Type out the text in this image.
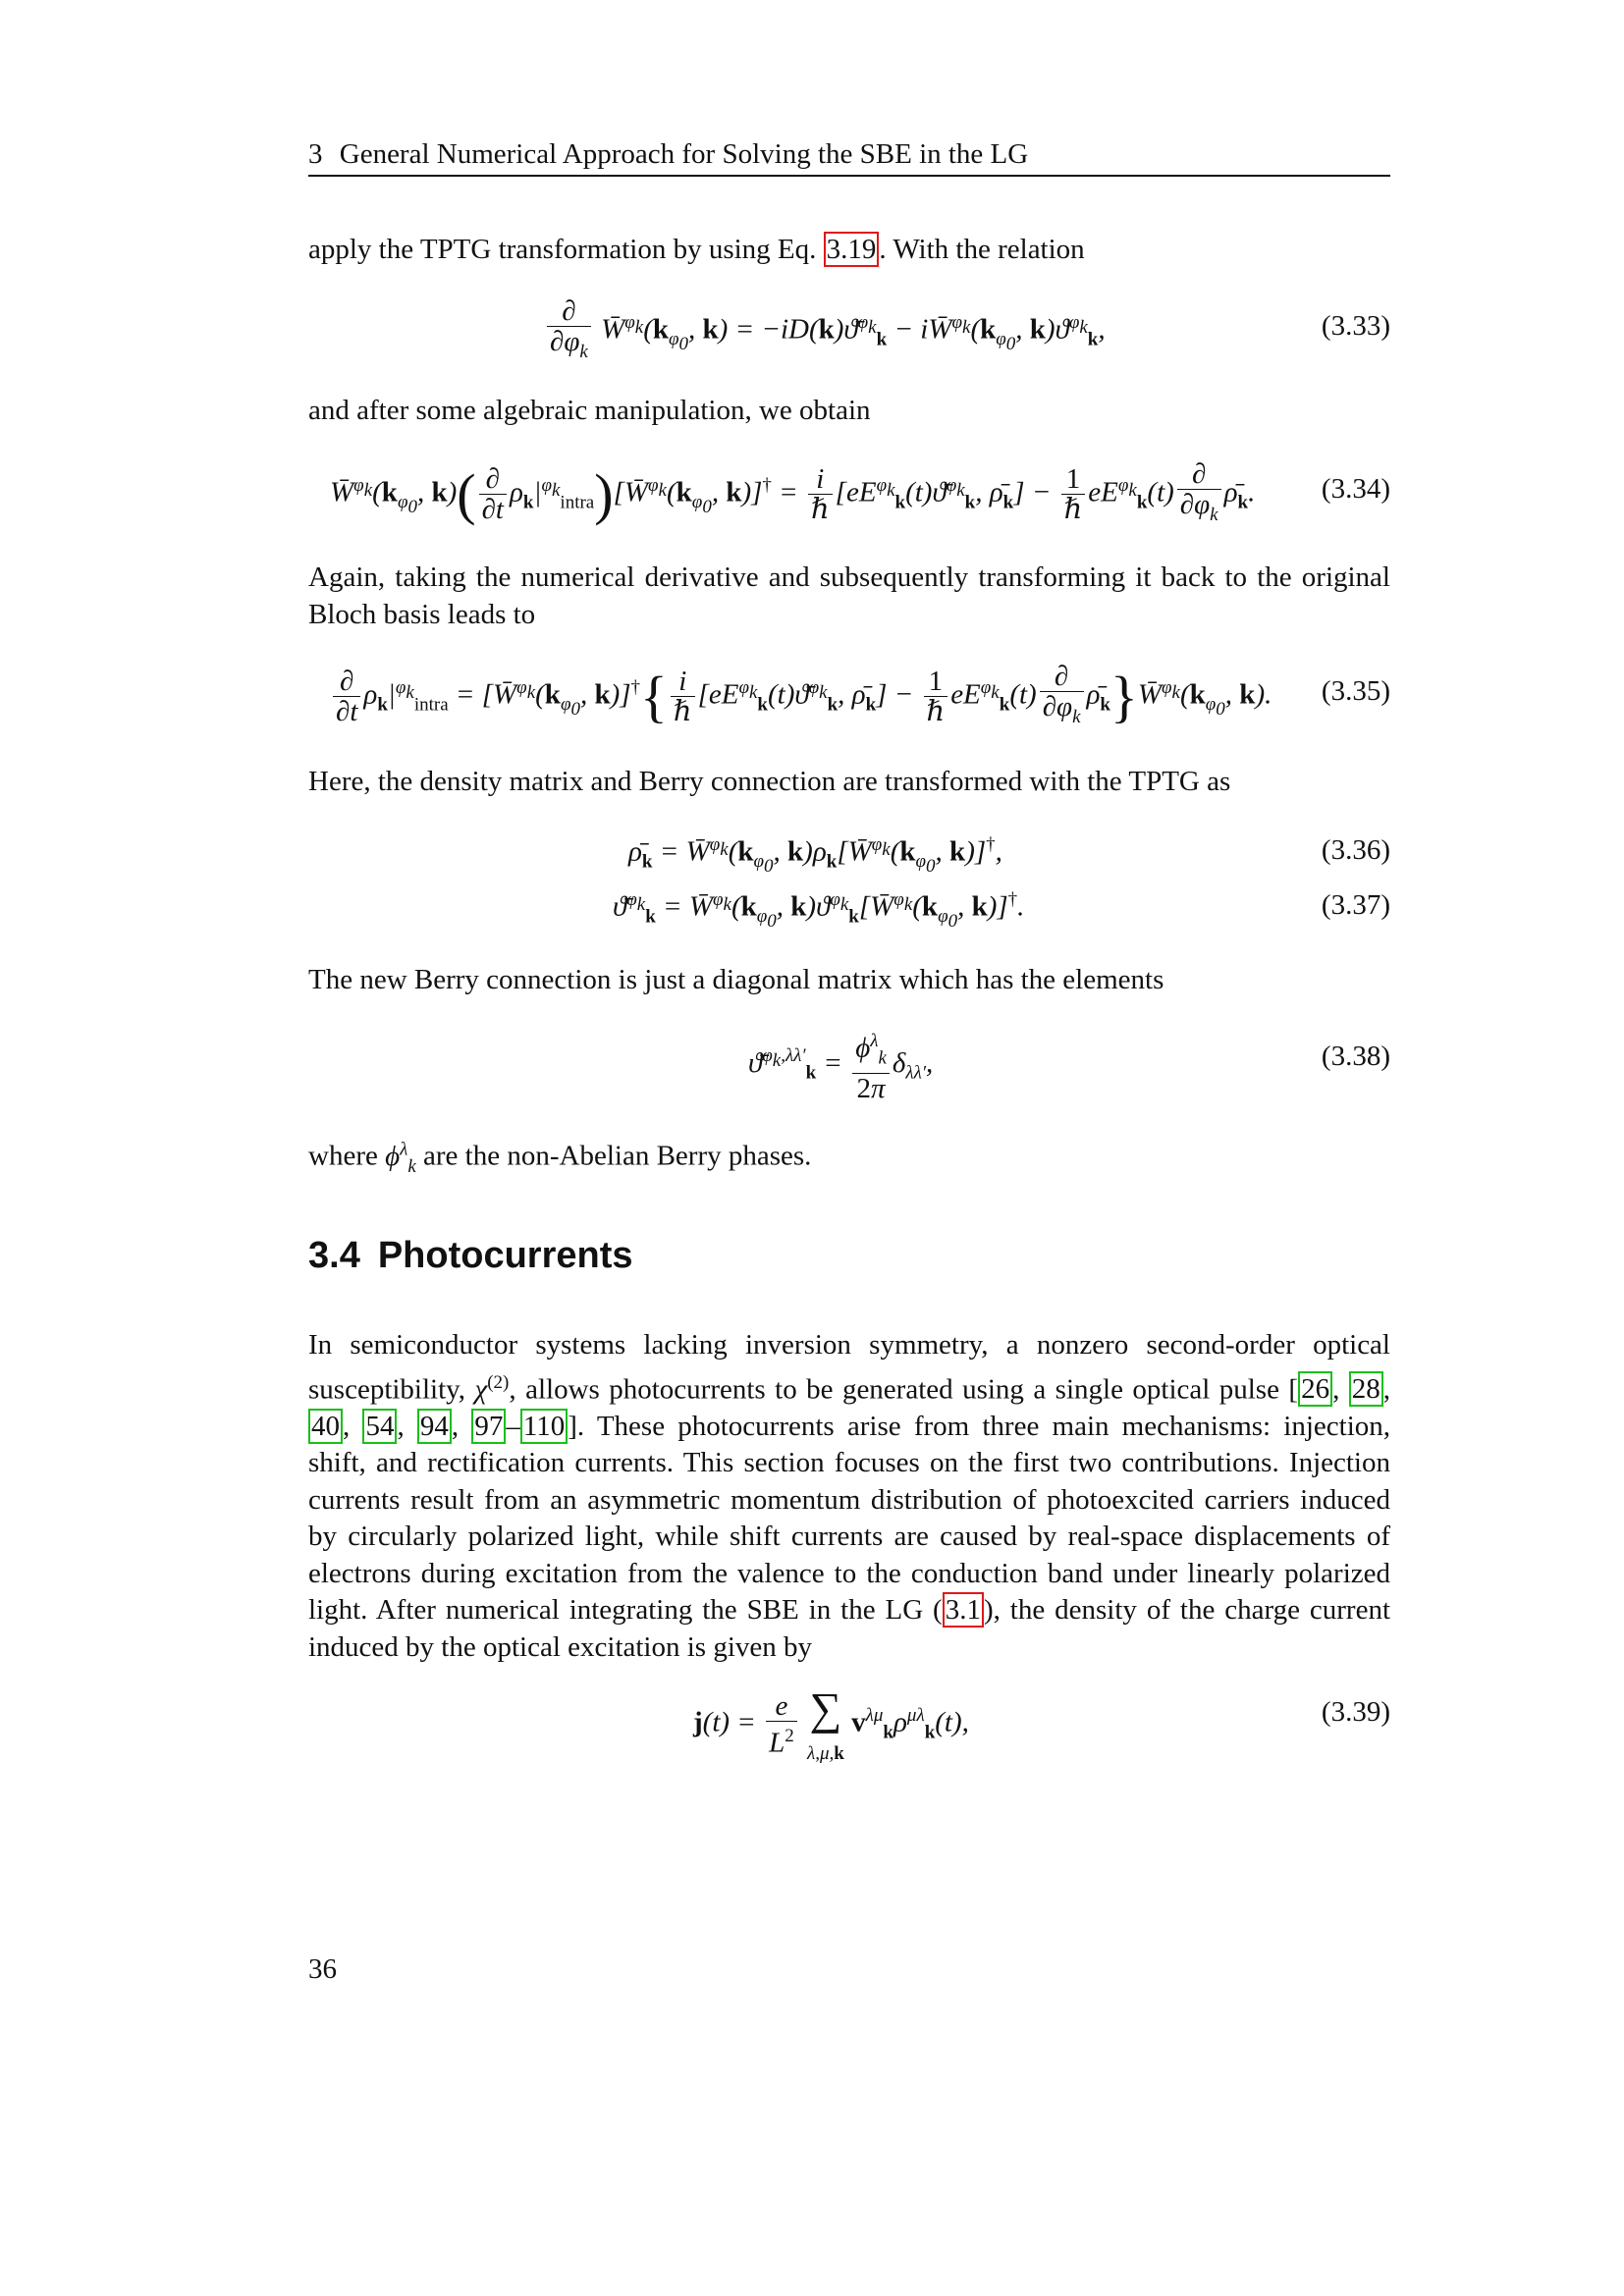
3 General Numerical Approach for Solving the SBE in the LG

apply the TPTG transformation by using Eq. 3.19 . With the relation

$\frac{\partial}{\partial\varphi_k}$ $W̄^{\varphi_k}(k_{\varphi_0}$, k) = −iD(k)ϑ̄$^{\varphi_k}_k$ − $iW̄^{\varphi_k}(k_{\varphi_0}$, $k)ϑ^{\varphi_k}_k$,	(3.33)

and after some algebraic manipulation, we obtain

$W̄^{\varphi_k}(k_{\varphi_0}$, $k)( \frac{\partial}{\partial t}$ $\rho_k|^{\varphi_k}_{intra})[W̄^{\varphi_k}(k_{\varphi_0}$, $k)]^\dagger = \frac{i}{\text{ℏ}}$ [$eE^{\varphi_k}_k(t)ϑ̄^{\varphi_k}_k$, $\rhō_k] - \frac{1}{\text{ℏ}} eE^{\varphi_k}_k(t) \frac{\partial}{\partial\varphi_k}$ $\rhō_k$. (3.34)

Again, taking the numerical derivative and subsequently transforming it back to the original Bloch basis leads to

$\frac{\partial}{\partial t} \rho_k|^{\varphi_k}_{intra}$ = [$W̄^{\varphi_k}(k_{\varphi_0}$, $k)]^\dagger\{ \frac{i}{\text{ℏ}}$ [$eE^{\varphi_k}_k(t)ϑ̄^{\varphi_k}_k$, $\rhō_k] - \frac{1}{\text{ℏ}} eE^{\varphi_k}_k(t) \frac{\partial}{\partial\varphi_k}$ $\rhō_k\}W̄^{\varphi_k}(k_{\varphi_0}$, k). (3.35)

Here, the density matrix and Berry connection are transformed with the TPTG as

$\rhō_k$ = $W̄^{\varphi_k}(k_{\varphi_0}$, $k)\rho_k[W̄^{\varphi_k}(k_{\varphi_0}$, k)]†,	(3.36)
ϑ̄$^{\varphi_k}_k$ = $W̄^{\varphi_k}(k_{\varphi_0}$, $k)ϑ^{\varphi_k}_k[W̄^{\varphi_k}(k_{\varphi_0}$, k)]†.	(3.37)

The new Berry connection is just a diagonal matrix which has the elements

ϑ̄$^{\varphi_k,\lambda\lambda'}_k$ = $\frac{\phi^\lambda_k}{2\pi} \delta_{\lambda\lambda'}$,	(3.38)

where $\phi^\lambda_k$ are the non-Abelian Berry phases.

3.4 Photocurrents

In semiconductor systems lacking inversion symmetry, a nonzero second-order optical susceptibility, $\chi^{(2)}$, allows photocurrents to be generated using a single optical pulse [ 26 , 28 , 40 , 54 , 94 , 97 – 110 ]. These photocurrents arise from three main mechanisms: injection, shift, and rectification currents. This section focuses on the first two contributions. Injection currents result from an asymmetric momentum distribution of photoexcited carriers induced by circularly polarized light, while shift currents are caused by real-space displacements of electrons during excitation from the valence to the conduction band under linearly polarized light. After numerical integrating the SBE in the LG ( 3.1 ), the density of the charge current induced by the optical excitation is given by

$j(t) = \frac{e}{L^2}$ ∑
λ,μ,k $v^{\lambda\mu}_k\rho^{\mu\lambda}_k(t)$,	(3.39)
36
